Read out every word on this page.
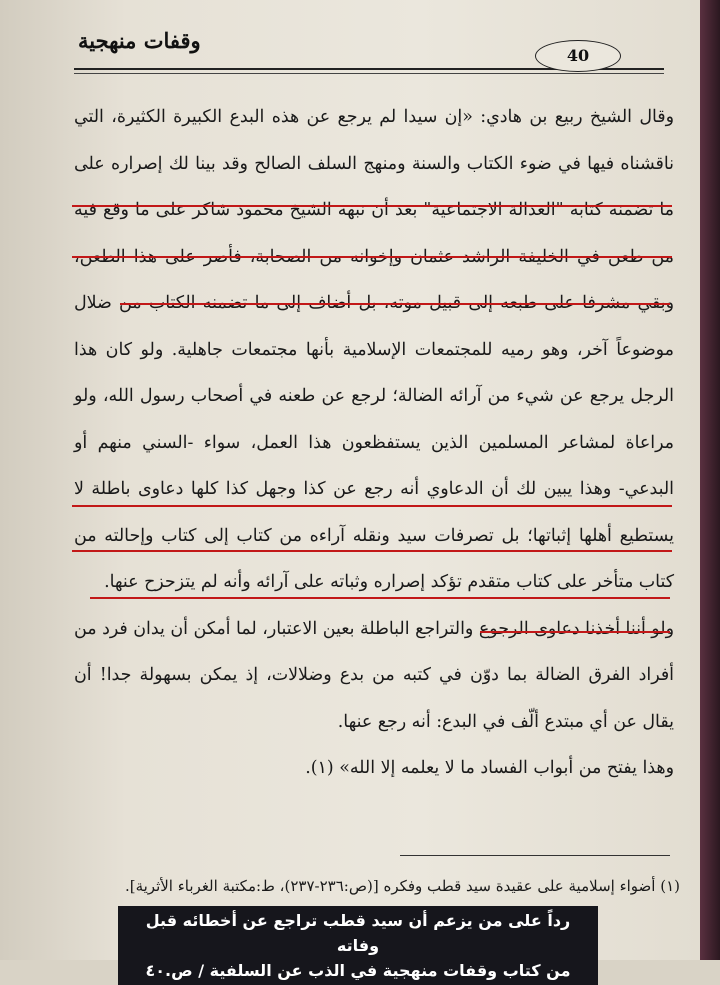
وقفات منهجية
40

وقال الشيخ ربيع بن هادي: «إن سيدا لم يرجع عن هذه البدع الكبيرة الكثيرة، التي ناقشناه فيها في ضوء الكتاب والسنة ومنهج السلف الصالح وقد بينا لك إصراره على ما تضمنه كتابه "العدالة الاجتماعية" بعد أن نبهه الشيخ محمود شاكر على ما وقع فيه من طعن في الخليفة الراشد عثمان وإخوانه من الصحابة، فأصر على هذا الطعن، وبقي مشرفا على طبعه إلى قبيل موته، بل أضاف إلى ما تضمنه الكتاب من ضلال موضوعاً آخر، وهو رميه للمجتمعات الإسلامية بأنها مجتمعات جاهلية. ولو كان هذا الرجل يرجع عن شيء من آرائه الضالة؛ لرجع عن طعنه في أصحاب رسول الله، ولو مراعاة لمشاعر المسلمين الذين يستفظعون هذا العمل، سواء -السني منهم أو البدعي- وهذا يبين لك أن الدعاوي أنه رجع عن كذا وجهل كذا كلها دعاوى باطلة لا يستطيع أهلها إثباتها؛ بل تصرفات سيد ونقله آراءه من كتاب إلى كتاب وإحالته من كتاب متأخر على كتاب متقدم تؤكد إصراره وثباته على آرائه وأنه لم يتزحزح عنها.

ولو أننا أخذنا دعاوى الرجوع والتراجع الباطلة بعين الاعتبار، لما أمكن أن يدان فرد من أفراد الفرق الضالة بما دوّن في كتبه من بدع وضلالات، إذ يمكن بسهولة جدا! أن يقال عن أي مبتدع ألّف في البدع: أنه رجع عنها.

وهذا يفتح من أبواب الفساد ما لا يعلمه إلا الله» (١).

(١) أضواء إسلامية على عقيدة سيد قطب وفكره [(ص:٢٣٦-٢٣٧)، ط:مكتبة الغرباء الأثرية].
رداً على من يزعم أن سيد قطب تراجع عن أخطائه قبل وفاته
من كتاب وقفات منهجية في الذب عن السلفية / ص.٤٠
